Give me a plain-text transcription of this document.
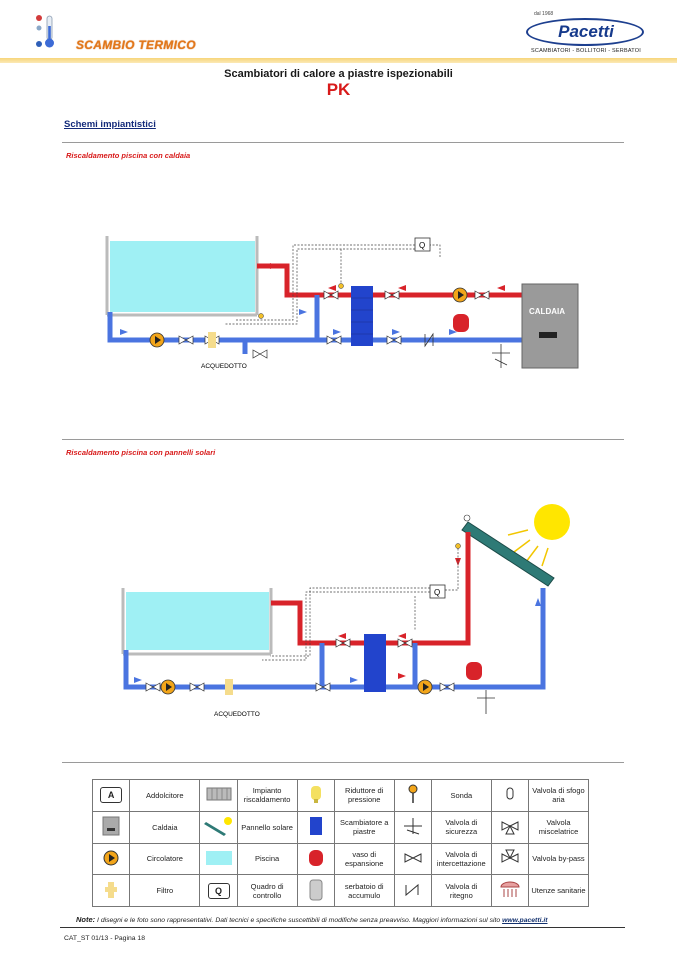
SCAMBIO TERMICO
dal 1968
Pacetti
SCAMBIATORI - BOLLITORI - SERBATOI
Scambiatori di calore a piastre ispezionabili
PK
Schemi impiantistici
Riscaldamento piscina con caldaia
Q
CALDAIA
ACQUEDOTTO
Riscaldamento piscina con pannelli solari
Q
ACQUEDOTTO
A	Addolcitore		Impianto riscaldamento		Riduttore di pressione		Sonda		Valvola di sfogo aria
	Caldaia		Pannello solare		Scambiatore a piastre		Valvola di sicurezza		Valvola miscelatrice
	Circolatore		Piscina		vaso di espansione		Valvola di intercettazione		Valvola by-pass
	Filtro	Q	Quadro di controllo		serbatoio di accumulo		Valvola di ritegno		Utenze sanitarie
Note: I disegni e le foto sono rappresentativi. Dati tecnici e specifiche suscettibili di modifiche senza preavviso. Maggiori informazioni sul sito www.pacetti.it
CAT_ST 01/13 - Pagina 18
